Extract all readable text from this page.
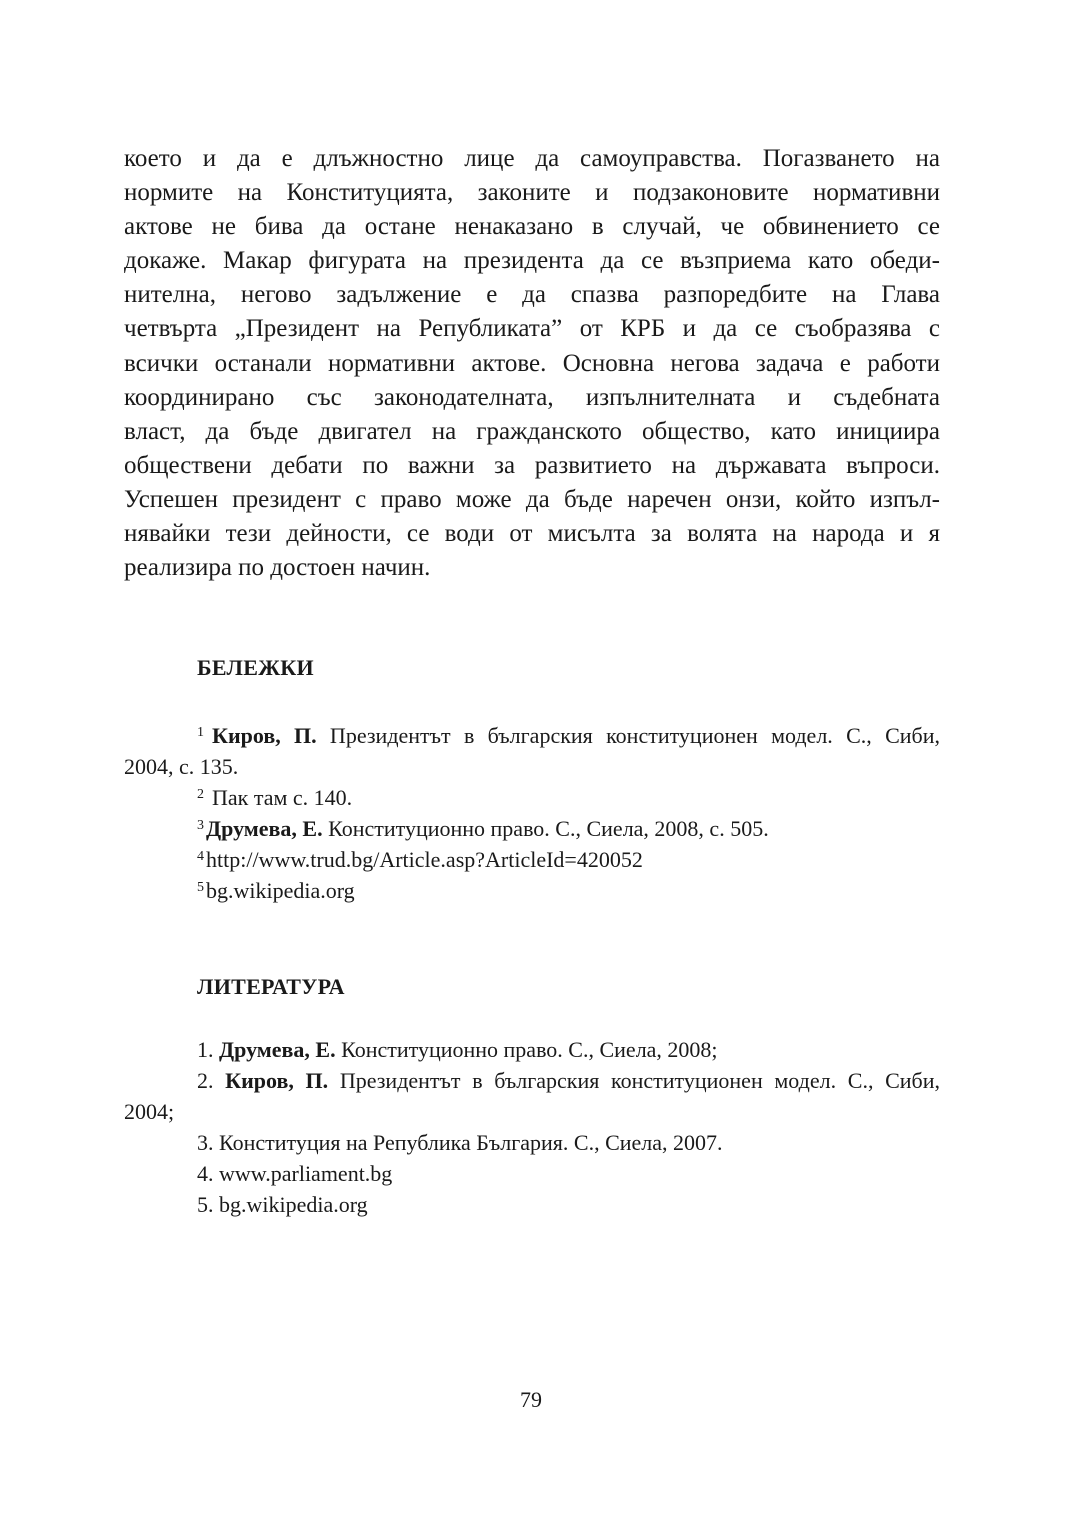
което и да е длъжностно лице да самоуправства. Погазването на
нормите на Конституцията, законите и подзаконовите нормативни
актове не бива да остане ненаказано в случай, че обвинението се
докаже. Макар фигурата на президента да се възприема като обеди-
нителна, негово задължение е да спазва разпоредбите на Глава
четвърта „Президент на Републиката” от КРБ и да се съобразява с
всички останали нормативни актове. Основна негова задача е работи
координирано със законодателната, изпълнителната и съдебната
власт, да бъде двигател на гражданското общество, като инициира
обществени дебати по важни за развитието на държавата въпроси.
Успешен президент с право може да бъде наречен онзи, който изпъл-
нявайки тези дейности, се води от мисълта за волята на народа и я
реализира по достоен начин.

БЕЛЕЖКИ
$^1$ Киров, П. Президентът в българския конституционен модел. С., Сиби,
2004, с. 135.
$^2$ Пак там с. 140.
$^3$Друмева, Е. Конституционно право. С., Сиела, 2008, с. 505.
$^4$http://www.trud.bg/Article.asp?ArticleId=420052
$^5$bg.wikipedia.org
ЛИТЕРАТУРА
1. Друмева, Е. Конституционно право. С., Сиела, 2008;
2. Киров, П. Президентът в българския конституционен модел. С., Сиби,
2004;
3. Конституция на Република България. С., Сиела, 2007.
4. www.parliament.bg
5. bg.wikipedia.org
79
